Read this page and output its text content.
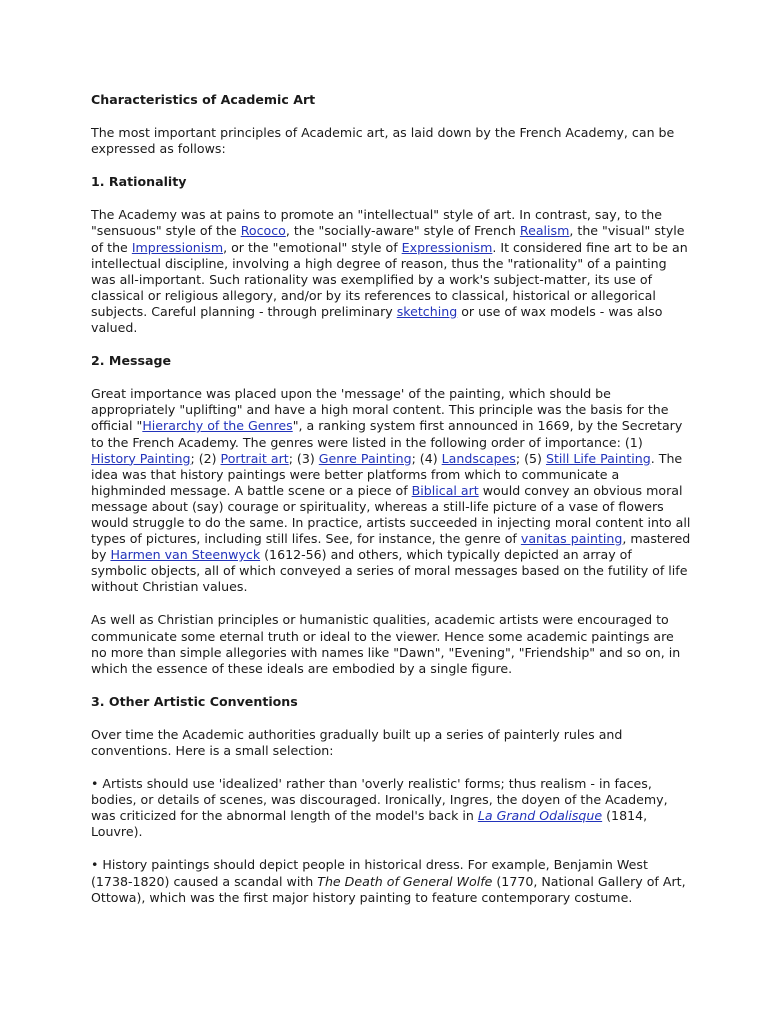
Characteristics of Academic Art

The most important principles of Academic art, as laid down by the French Academy, can be expressed as follows:

1. Rationality

The Academy was at pains to promote an "intellectual" style of art. In contrast, say, to the "sensuous" style of the Rococo, the "socially-aware" style of French Realism, the "visual" style of the Impressionism, or the "emotional" style of Expressionism. It considered fine art to be an intellectual discipline, involving a high degree of reason, thus the "rationality" of a painting was all-important. Such rationality was exemplified by a work's subject-matter, its use of classical or religious allegory, and/or by its references to classical, historical or allegorical subjects. Careful planning - through preliminary sketching or use of wax models - was also valued.

2. Message

Great importance was placed upon the 'message' of the painting, which should be appropriately "uplifting" and have a high moral content. This principle was the basis for the official "Hierarchy of the Genres", a ranking system first announced in 1669, by the Secretary to the French Academy. The genres were listed in the following order of importance: (1) History Painting; (2) Portrait art; (3) Genre Painting; (4) Landscapes; (5) Still Life Painting. The idea was that history paintings were better platforms from which to communicate a highminded message. A battle scene or a piece of Biblical art would convey an obvious moral message about (say) courage or spirituality, whereas a still-life picture of a vase of flowers would struggle to do the same. In practice, artists succeeded in injecting moral content into all types of pictures, including still lifes. See, for instance, the genre of vanitas painting, mastered by Harmen van Steenwyck (1612-56) and others, which typically depicted an array of symbolic objects, all of which conveyed a series of moral messages based on the futility of life without Christian values.

As well as Christian principles or humanistic qualities, academic artists were encouraged to communicate some eternal truth or ideal to the viewer. Hence some academic paintings are no more than simple allegories with names like "Dawn", "Evening", "Friendship" and so on, in which the essence of these ideals are embodied by a single figure.

3. Other Artistic Conventions

Over time the Academic authorities gradually built up a series of painterly rules and conventions. Here is a small selection:

• Artists should use 'idealized' rather than 'overly realistic' forms; thus realism - in faces, bodies, or details of scenes, was discouraged. Ironically, Ingres, the doyen of the Academy, was criticized for the abnormal length of the model's back in La Grand Odalisque (1814, Louvre).

• History paintings should depict people in historical dress. For example, Benjamin West (1738-1820) caused a scandal with The Death of General Wolfe (1770, National Gallery of Art, Ottowa), which was the first major history painting to feature contemporary costume.
